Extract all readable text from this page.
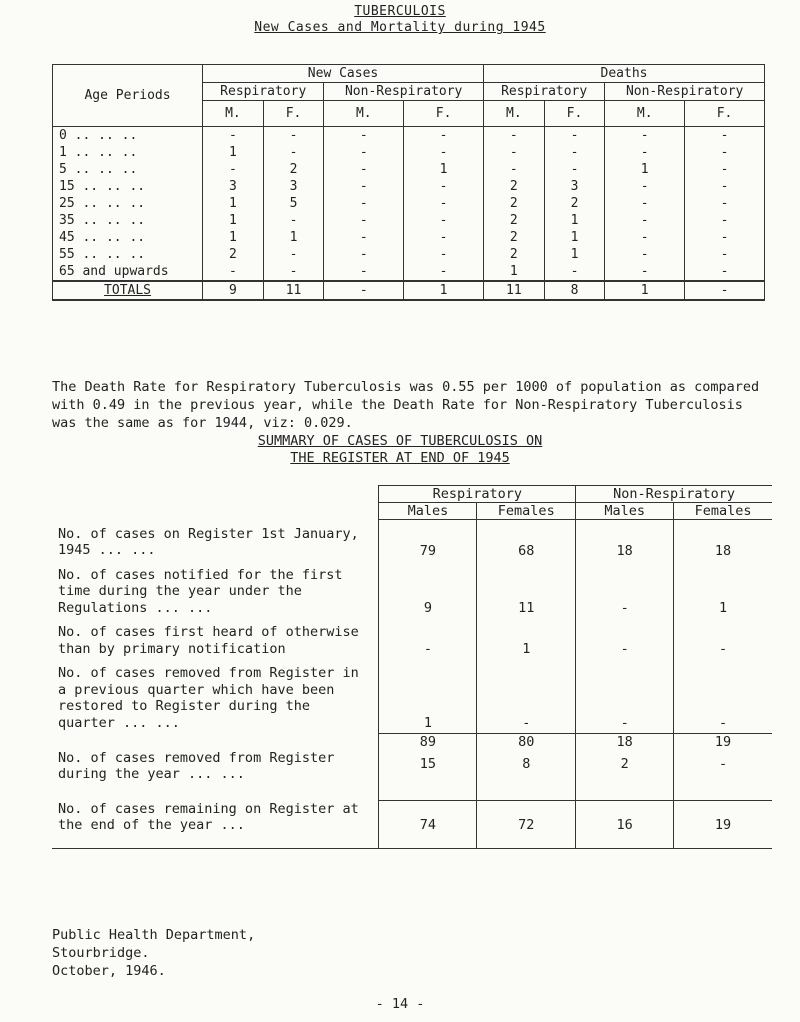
TUBERCULOIS
New Cases and Mortality during 1945
Age Periods	New Cases				Deaths			
	Respiratory		Non-Respiratory		Respiratory		Non-Respiratory	
	M.	F.	M.	F.	M.	F.	M.	F.
0 .. .. ..	-	-	-	-	-	-	-	-
1 .. .. ..	1	-	-	-	-	-	-	-
5 .. .. ..	-	2	-	1	-	-	1	-
15 .. .. ..	3	3	-	-	2	3	-	-
25 .. .. ..	1	5	-	-	2	2	-	-
35 .. .. ..	1	-	-	-	2	1	-	-
45 .. .. ..	1	1	-	-	2	1	-	-
55 .. .. ..	2	-	-	-	2	1	-	-
65 and upwards	-	-	-	-	1	-	-	-
TOTALS	9	11	-	1	11	8	1	-
The Death Rate for Respiratory Tuberculosis was 0.55 per 1000 of population as compared with 0.49 in the previous year, while the Death Rate for Non-Respiratory Tuberculosis was the same as for 1944, viz: 0.029.
SUMMARY OF CASES OF TUBERCULOSIS ON
THE REGISTER AT END OF 1945
	Respiratory		Non-Respiratory	
	Males	Females	Males	Females
No. of cases on Register 1st January, 1945 ... ...	79	68	18	18
No. of cases notified for the first time during the year under the Regulations ... ...	9	11	-	1
No. of cases first heard of otherwise than by primary notification	-	1	-	-
No. of cases removed from Register in a previous quarter which have been restored to Register during the quarter ... ...	1	-	-	-
	89	80	18	19
No. of cases removed from Register during the year ... ...	15	8	2	-
No. of cases remaining on Register at the end of the year ...	74	72	16	19
Public Health Department,
Stourbridge.
October, 1946.
- 14 -
